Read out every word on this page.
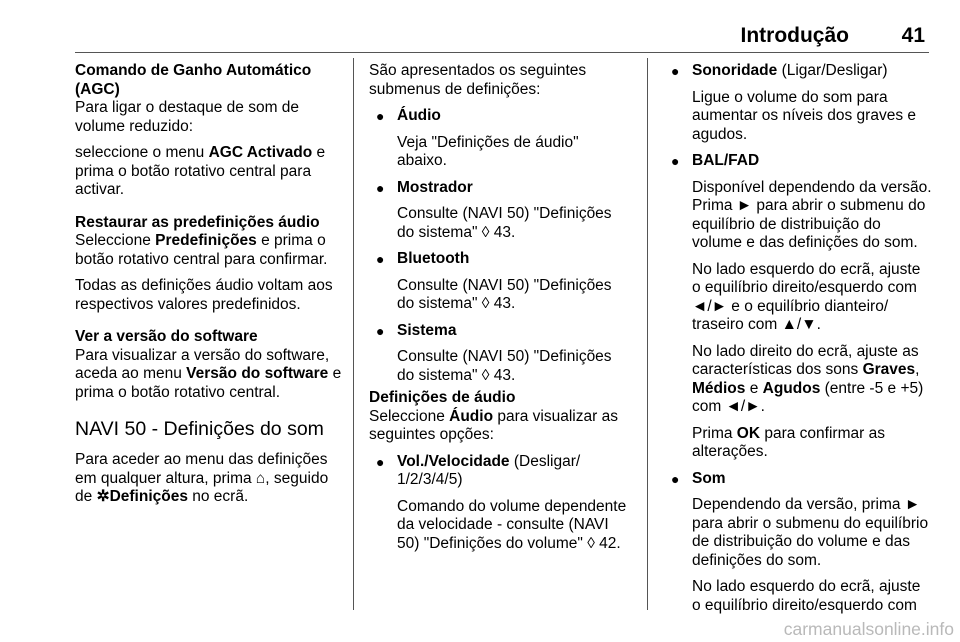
Introdução	41

Comando de Ganho Automático (AGC)

Para ligar o destaque de som de volume reduzido:

seleccione o menu AGC Activado e prima o botão rotativo central para activar.

Restaurar as predefinições áudio

Seleccione Predefinições e prima o botão rotativo central para confirmar.

Todas as definições áudio voltam aos respectivos valores predefinidos.

Ver a versão do software

Para visualizar a versão do software, aceda ao menu Versão do software e prima o botão rotativo central.

NAVI 50 - Definições do som

Para aceder ao menu das definições em qualquer altura, prima ⌂, seguido de ✲Definições no ecrã.

São apresentados os seguintes submenus de definições:

● Áudio

Veja "Definições de áudio" abaixo.

● Mostrador

Consulte (NAVI 50) "Definições do sistema" ◊ 43.

● Bluetooth

Consulte (NAVI 50) "Definições do sistema" ◊ 43.

● Sistema

Consulte (NAVI 50) "Definições do sistema" ◊ 43.

Definições de áudio

Seleccione Áudio para visualizar as seguintes opções:

● Vol./Velocidade (Desligar/ 1/2/3/4/5)

Comando do volume dependente da velocidade - consulte (NAVI 50) "Definições do volume" ◊ 42.

● Sonoridade (Ligar/Desligar)

Ligue o volume do som para aumentar os níveis dos graves e agudos.

● BAL/FAD

Disponível dependendo da versão. Prima ► para abrir o submenu do equilíbrio de distribuição do volume e das definições do som.

No lado esquerdo do ecrã, ajuste o equilíbrio direito/esquerdo com ◄/► e o equilíbrio dianteiro/ traseiro com ▲/▼.

No lado direito do ecrã, ajuste as características dos sons Graves, Médios e Agudos (entre -5 e +5) com ◄/►.

Prima OK para confirmar as alterações.

● Som

Dependendo da versão, prima ► para abrir o submenu do equilíbrio de distribuição do volume e das definições do som.

No lado esquerdo do ecrã, ajuste o equilíbrio direito/esquerdo com

carmanualsonline.info
